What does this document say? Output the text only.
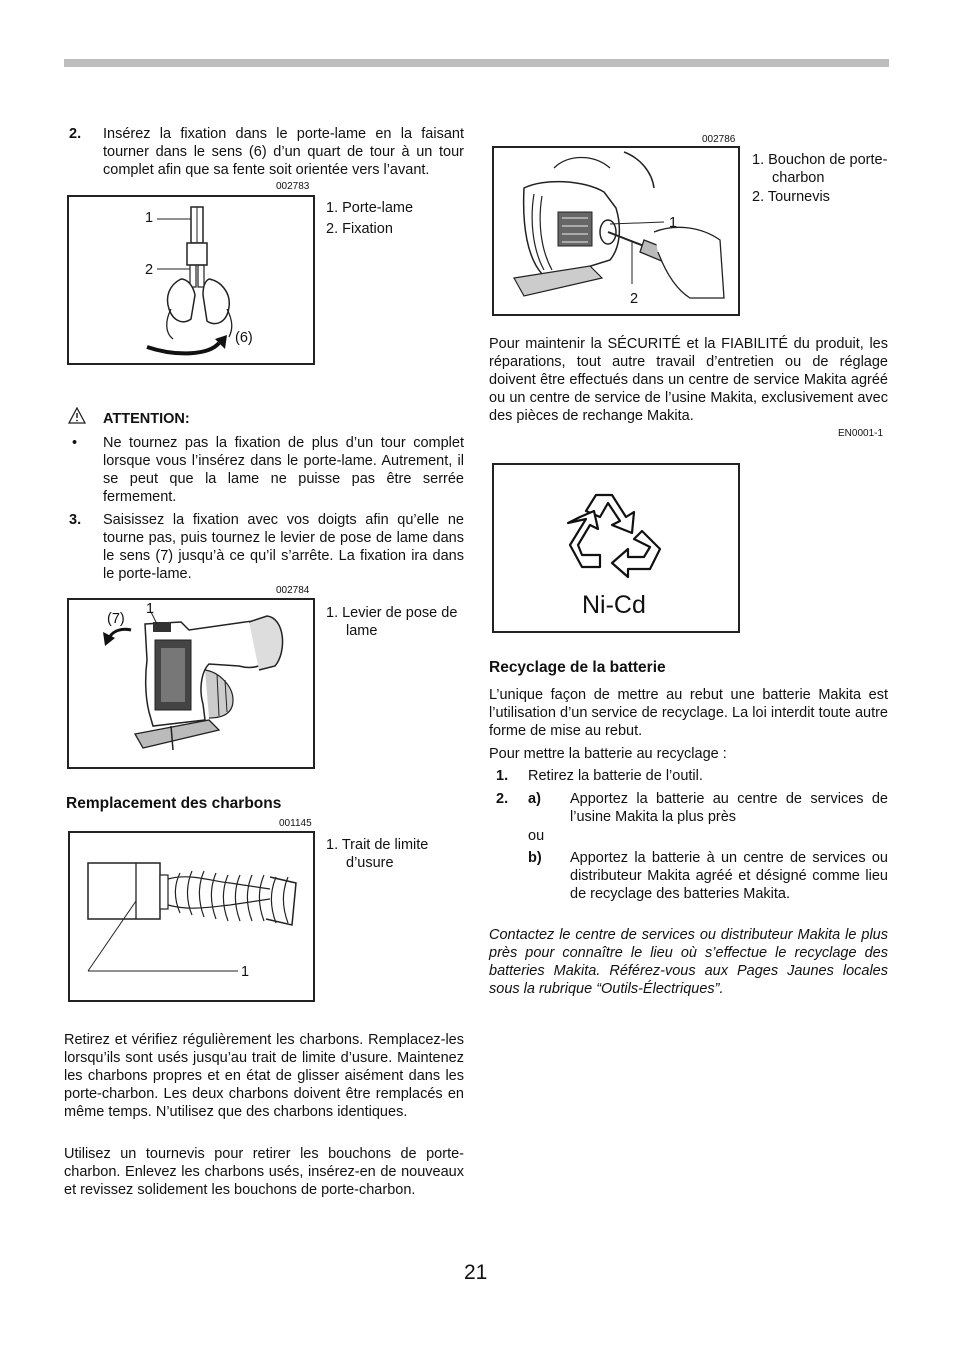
2. Insérez la fixation dans le porte-lame en la faisant tourner dans le sens (6) d’un quart de tour à un tour complet afin que sa fente soit orientée vers l’avant.
002783
1
2
(6)
1. Porte-lame
2. Fixation
ATTENTION:
• Ne tournez pas la fixation de plus d’un tour complet lorsque vous l’insérez dans le porte-lame. Autrement, il se peut que la lame ne puisse pas être serrée fermement.
3. Saisissez la fixation avec vos doigts afin qu’elle ne tourne pas, puis tournez le levier de pose de lame dans le sens (7) jusqu’à ce qu’il s’arrête. La fixation ira dans le porte-lame.
002784
(7)
1	1. Levier de pose de lame
Remplacement des charbons
001145
1
1. Trait de limite d’usure
Retirez et vérifiez régulièrement les charbons. Remplacez-les lorsqu’ils sont usés jusqu’au trait de limite d’usure. Maintenez les charbons propres et en état de glisser aisément dans les porte-charbon. Les deux charbons doivent être remplacés en même temps. N’utilisez que des charbons identiques.
Utilisez un tournevis pour retirer les bouchons de porte-charbon. Enlevez les charbons usés, insérez-en de nouveaux et revissez solidement les bouchons de porte-charbon.
002786
1
2
1. Bouchon de porte-charbon
2. Tournevis
Pour maintenir la SÉCURITÉ et la FIABILITÉ du produit, les réparations, tout autre travail d’entretien ou de réglage doivent être effectués dans un centre de service Makita agréé ou un centre de service de l’usine Makita, exclusivement avec des pièces de rechange Makita.
EN0001-1
Ni-Cd
Recyclage de la batterie
L’unique façon de mettre au rebut une batterie Makita est l’utilisation d’un service de recyclage. La loi interdit toute autre forme de mise au rebut.
Pour mettre la batterie au recyclage :
1. Retirez la batterie de l’outil.
2. a) Apportez la batterie au centre de services de l’usine Makita la plus près
ou
b) Apportez la batterie à un centre de services ou distributeur Makita agréé et désigné comme lieu de recyclage des batteries Makita.
Contactez le centre de services ou distributeur Makita le plus près pour connaître le lieu où s’effectue le recyclage des batteries Makita. Référez-vous aux Pages Jaunes locales sous la rubrique “Outils-Électriques”.
21
